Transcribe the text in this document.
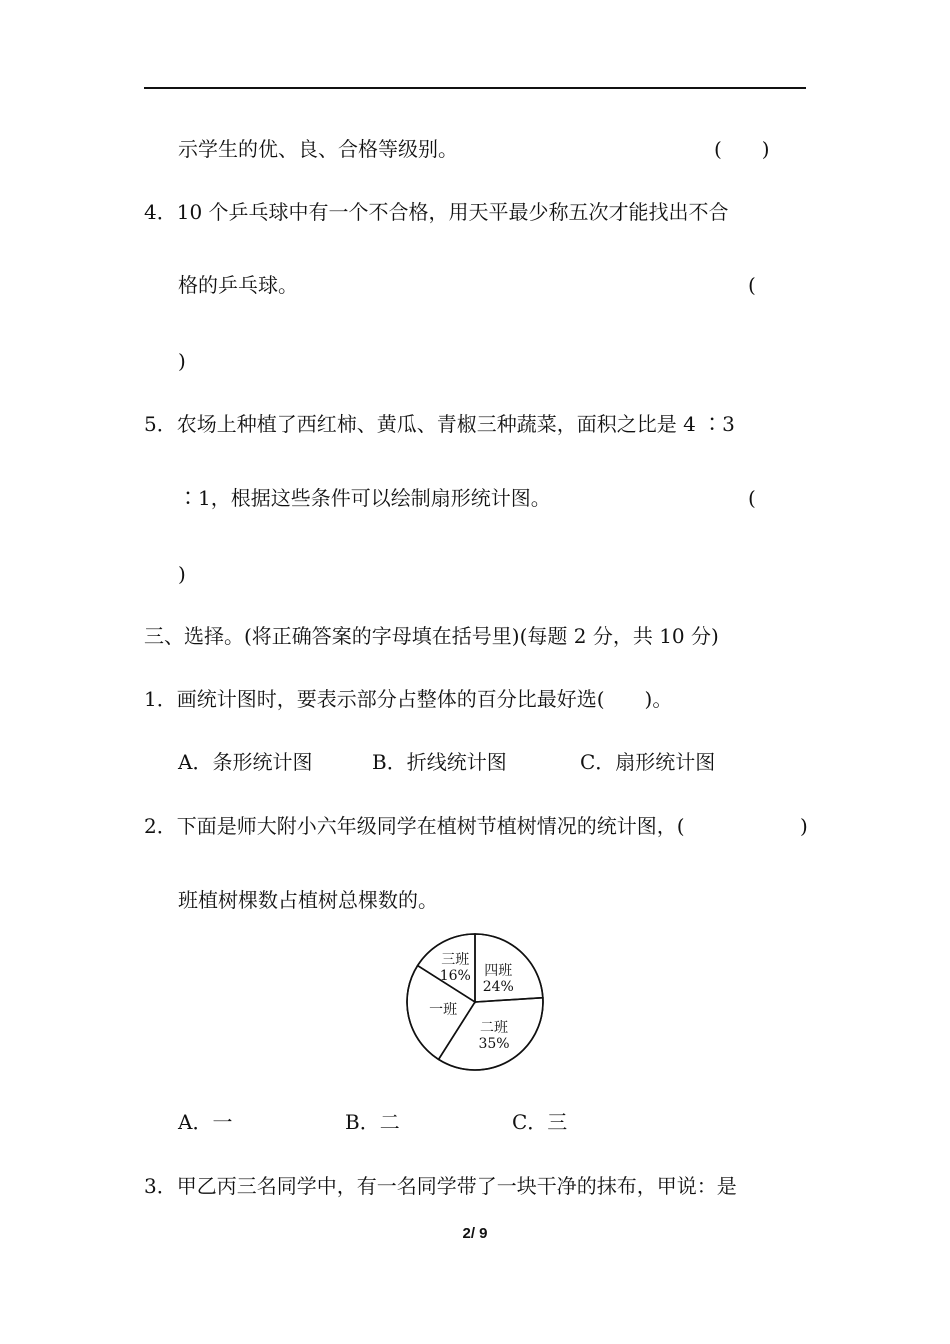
示学生的优、良、合格等级别。	(　　)
4．10 个乒乓球中有一个不合格，用天平最少称五次才能找出不合
格的乒乓球。	(
)
5．农场上种植了西红柿、黄瓜、青椒三种蔬菜，面积之比是 4 ∶3
∶1，根据这些条件可以绘制扇形统计图。	(
)
三、选择。(将正确答案的字母填在括号里)(每题 2 分，共 10 分)
1．画统计图时，要表示部分占整体的百分比最好选(　　)。
A．条形统计图	B．折线统计图	C．扇形统计图
2．下面是师大附小六年级同学在植树节植树情况的统计图，(	)
班植树棵数占植树总棵数的。
四班
24%
二班
35%
一班
三班
16%
A．一	B．二	C．三
3．甲乙丙三名同学中，有一名同学带了一块干净的抹布，甲说：是
2/ 9
